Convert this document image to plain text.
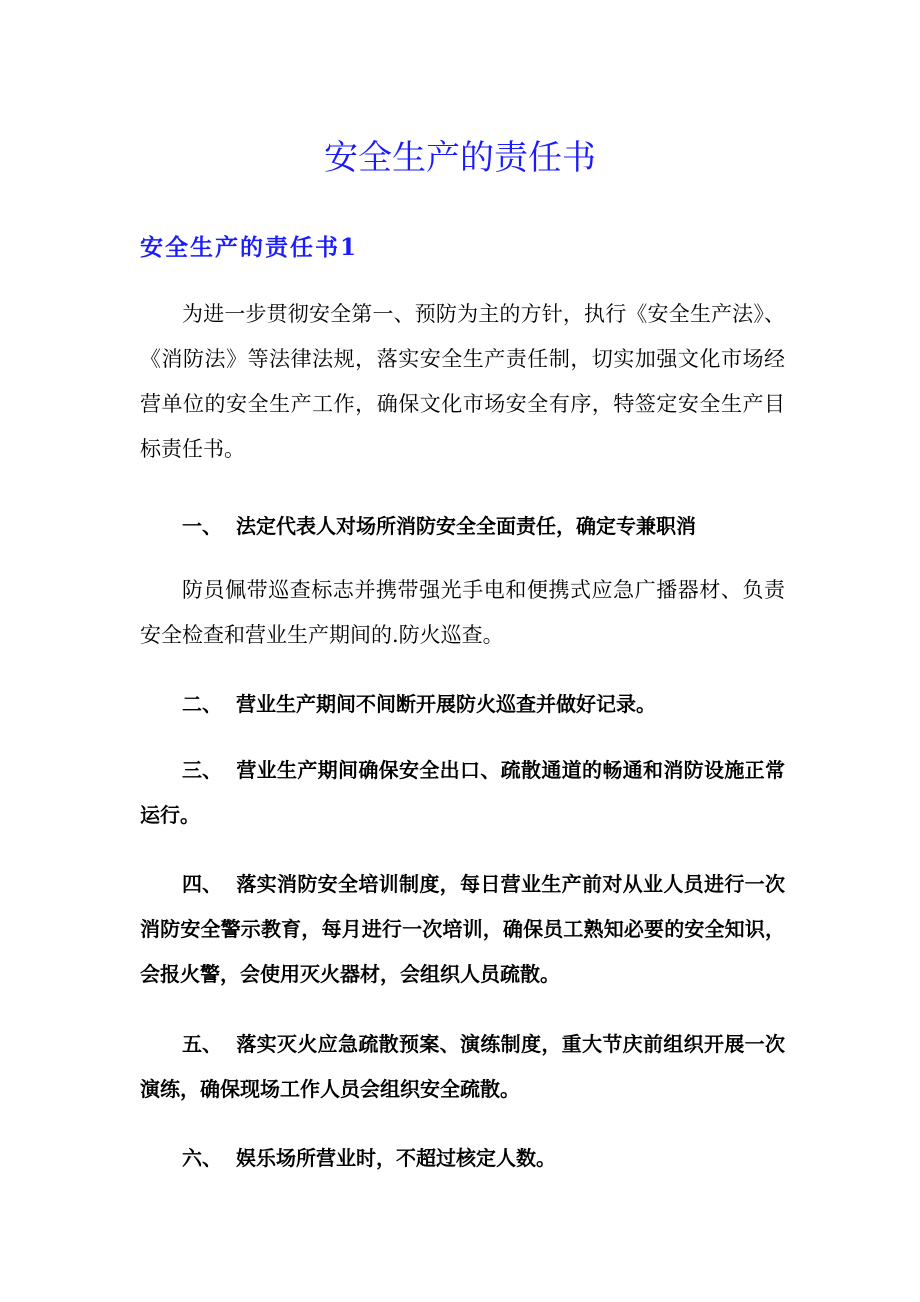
安全生产的责任书
安全生产的责任书1

为进一步贯彻安全第一、预防为主的方针，执行《安全生产法》、《消防法》等法律法规，落实安全生产责任制，切实加强文化市场经营单位的安全生产工作，确保文化市场安全有序，特签定安全生产目标责任书。

一、 法定代表人对场所消防安全全面责任，确定专兼职消

防员佩带巡查标志并携带强光手电和便携式应急广播器材、负责安全检查和营业生产期间的.防火巡查。

二、 营业生产期间不间断开展防火巡查并做好记录。

三、 营业生产期间确保安全出口、疏散通道的畅通和消防设施正常运行。

四、 落实消防安全培训制度，每日营业生产前对从业人员进行一次消防安全警示教育，每月进行一次培训，确保员工熟知必要的安全知识，会报火警，会使用灭火器材，会组织人员疏散。

五、 落实灭火应急疏散预案、演练制度，重大节庆前组织开展一次演练，确保现场工作人员会组织安全疏散。

六、 娱乐场所营业时，不超过核定人数。
